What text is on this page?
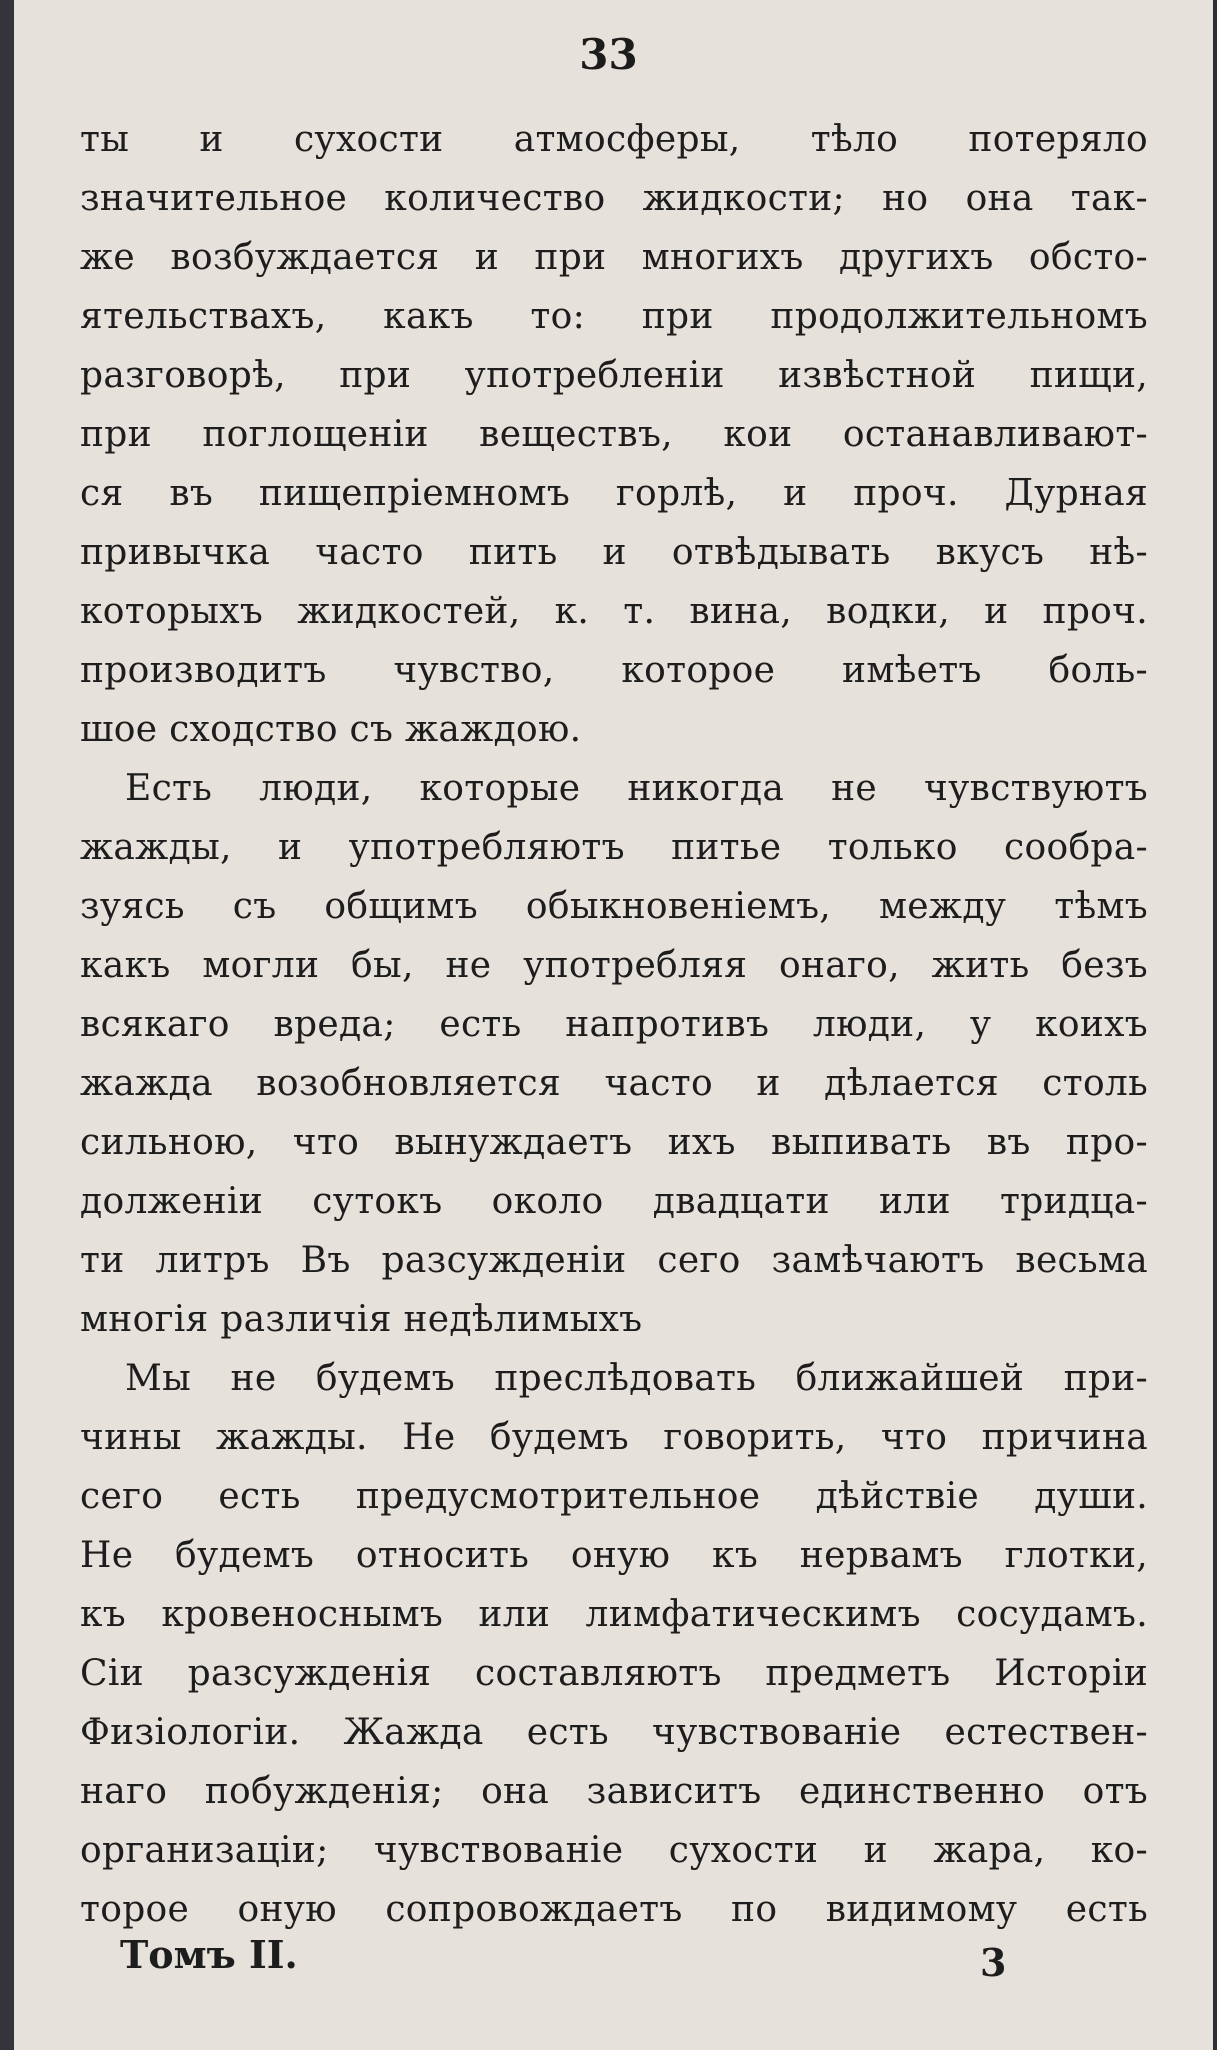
33
ты и сухости атмосферы, тѣло потеряло
значительное количество жидкости; но она так-
же возбуждается и при многихъ другихъ обсто-
ятельствахъ, какъ то: при продолжительномъ
разговорѣ, при употребленіи извѣстной пищи,
при поглощеніи веществъ, кои останавливают-
ся въ пищепріемномъ горлѣ, и проч. Дурная
привычка часто пить и отвѣдывать вкусъ нѣ-
которыхъ жидкостей, к. т. вина, водки, и проч.
производитъ чувство, которое имѣетъ боль-
шое сходство съ жаждою.
Есть люди, которые никогда не чувствуютъ
жажды, и употребляютъ питье только сообра-
зуясь съ общимъ обыкновеніемъ, между тѣмъ
какъ могли бы, не употребляя онаго, жить безъ
всякаго вреда; есть напротивъ люди, у коихъ
жажда возобновляется часто и дѣлается столь
сильною, что вынуждаетъ ихъ выпивать въ про-
долженіи сутокъ около двадцати или тридца-
ти литръ Въ разсужденіи сего замѣчаютъ весьма
многія различія недѣлимыхъ
Мы не будемъ преслѣдовать ближайшей при-
чины жажды. Не будемъ говорить, что причина
сего есть предусмотрительное дѣйствіе души.
Не будемъ относить оную къ нервамъ глотки,
къ кровеноснымъ или лимфатическимъ сосудамъ.
Сіи разсужденія составляютъ предметъ Исторіи
Физіологіи. Жажда есть чувствованіе естествен-
наго побужденія; она зависитъ единственно отъ
организаціи; чувствованіе сухости и жара, ко-
торое оную сопровождаетъ по видимому есть
Томъ II.	3
